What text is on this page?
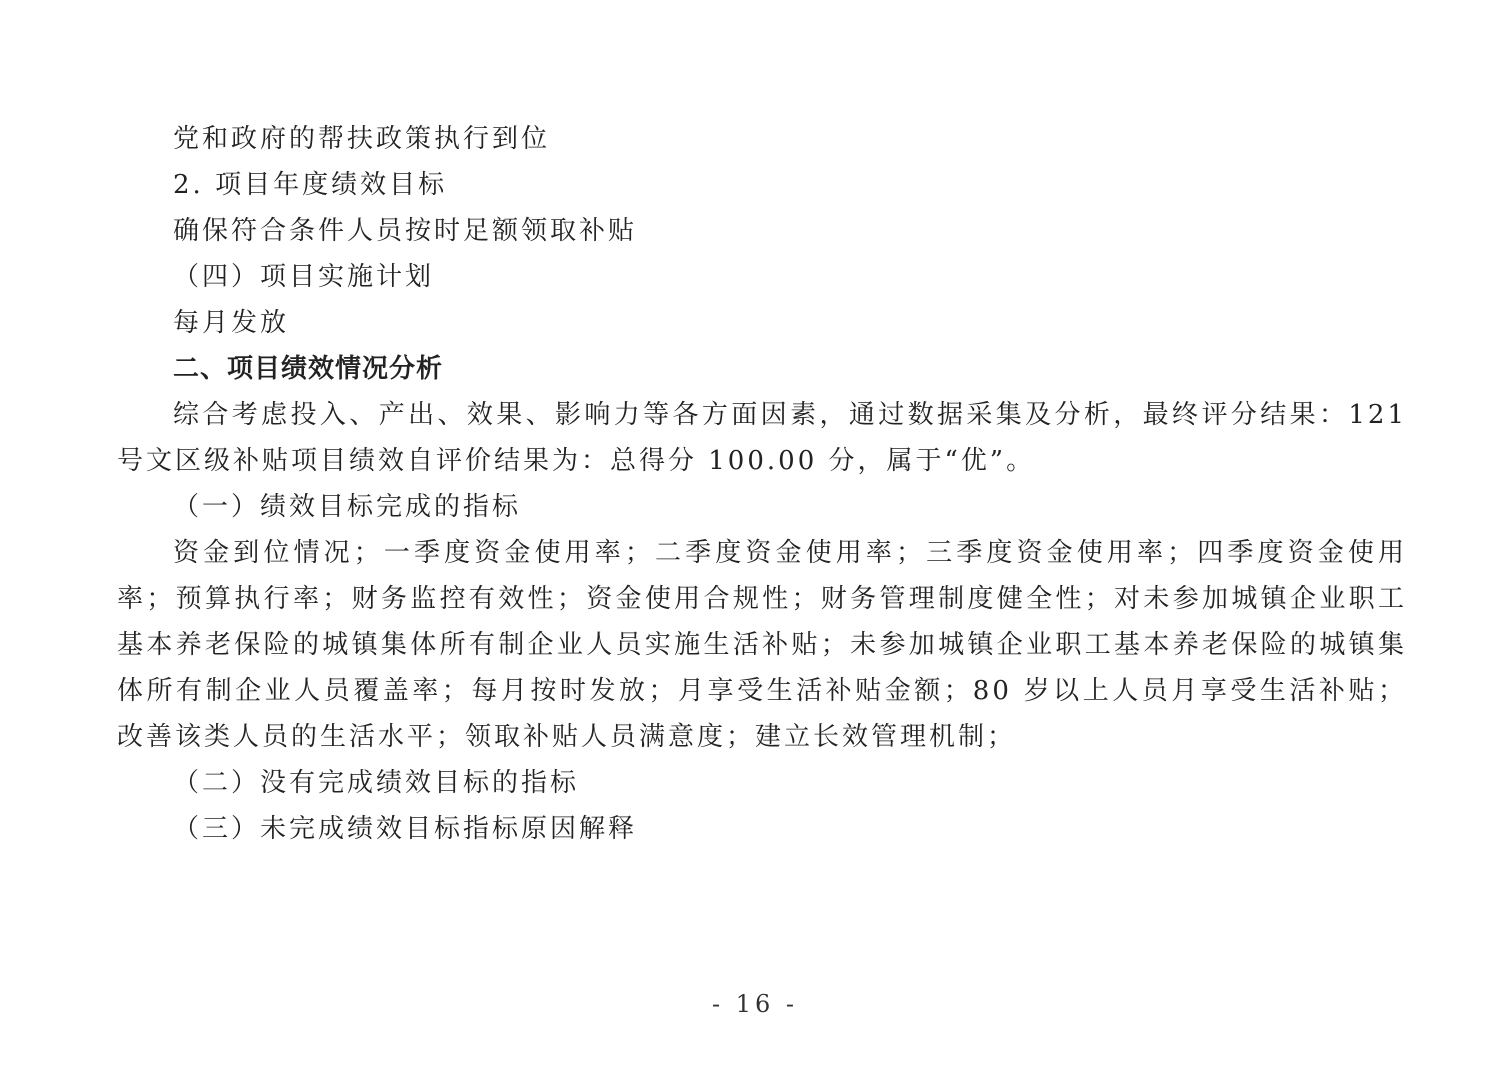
党和政府的帮扶政策执行到位

2. 项目年度绩效目标

确保符合条件人员按时足额领取补贴

（四）项目实施计划

每月发放

二、项目绩效情况分析

综合考虑投入、产出、效果、影响力等各方面因素，通过数据采集及分析，最终评分结果：121号文区级补贴项目绩效自评价结果为：总得分 100.00 分，属于“优”。

（一）绩效目标完成的指标

资金到位情况；一季度资金使用率；二季度资金使用率；三季度资金使用率；四季度资金使用率；预算执行率；财务监控有效性；资金使用合规性；财务管理制度健全性；对未参加城镇企业职工基本养老保险的城镇集体所有制企业人员实施生活补贴；未参加城镇企业职工基本养老保险的城镇集体所有制企业人员覆盖率；每月按时发放；月享受生活补贴金额；80 岁以上人员月享受生活补贴；改善该类人员的生活水平；领取补贴人员满意度；建立长效管理机制；

（二）没有完成绩效目标的指标

（三）未完成绩效目标指标原因解释

- 16 -
